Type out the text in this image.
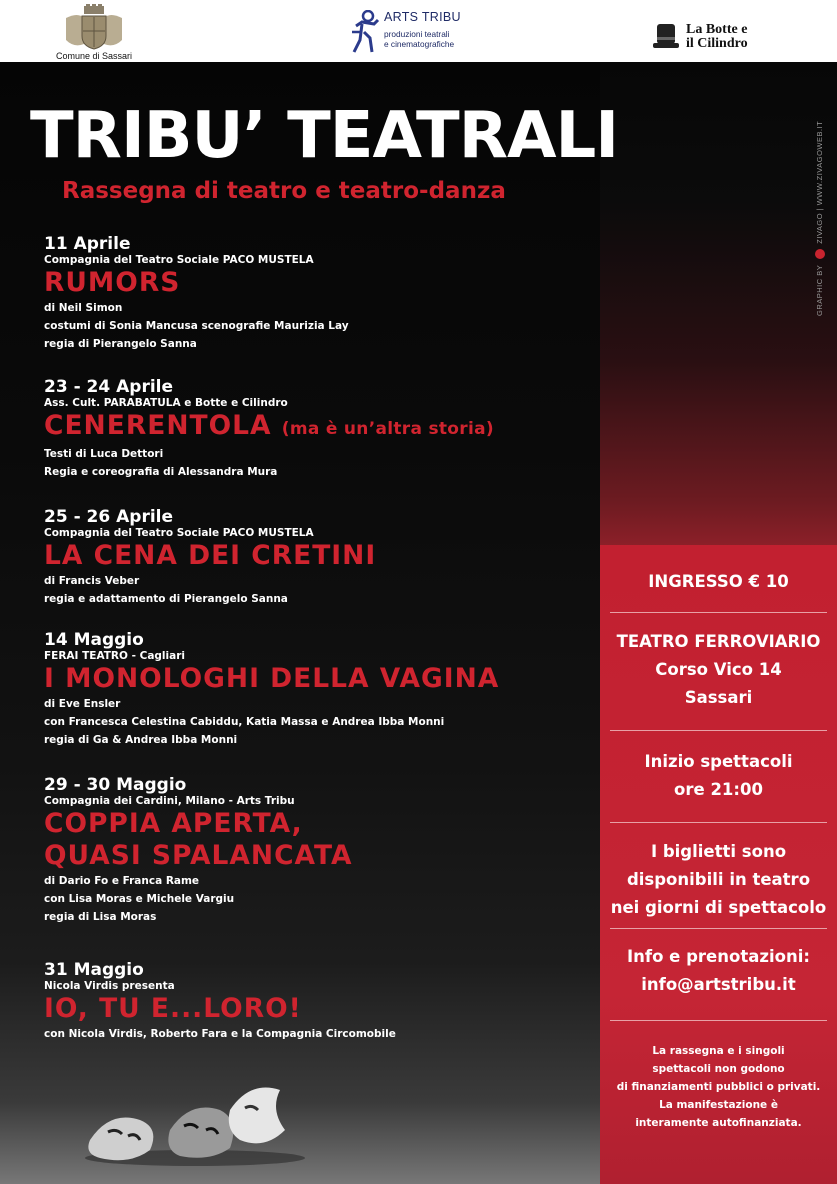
Comune di Sassari
ARTS TRIBU
produzioni teatrali
e cinematografiche
La Botte e
il Cilindro
TRIBU’ TEATRALI
Rassegna di teatro e teatro-danza
GRAPHIC BY  ZIVAGO | WWW.ZIVAGOWEB.IT
11 Aprile
Compagnia del Teatro Sociale PACO MUSTELA
RUMORS
di Neil Simon
costumi di Sonia Mancusa scenografie Maurizia Lay
regia di Pierangelo Sanna
23 - 24 Aprile
Ass. Cult. PARABATULA e Botte e Cilindro
CENERENTOLA (ma è un’altra storia)
Testi di Luca Dettori
Regia e coreografia di Alessandra Mura
25 - 26 Aprile
Compagnia del Teatro Sociale PACO MUSTELA
LA CENA DEI CRETINI
di Francis Veber
regia e adattamento di Pierangelo Sanna
14 Maggio
FERAI TEATRO - Cagliari
I MONOLOGHI DELLA VAGINA
di Eve Ensler
con Francesca Celestina Cabiddu, Katia Massa e Andrea Ibba Monni
regia di Ga & Andrea Ibba Monni
29 - 30 Maggio
Compagnia dei Cardini, Milano - Arts Tribu
COPPIA APERTA,
QUASI SPALANCATA
di Dario Fo e Franca Rame
con Lisa Moras e Michele Vargiu
regia di Lisa Moras
31 Maggio
Nicola Virdis presenta
IO, TU E...LORO!
con Nicola Virdis, Roberto Fara e la Compagnia Circomobile
INGRESSO € 10
TEATRO FERROVIARIO
Corso Vico 14
Sassari
Inizio spettacoli
ore 21:00
I biglietti sono
disponibili in teatro
nei giorni di spettacolo
Info e prenotazioni:
info@artstribu.it
La rassegna e i singoli
spettacoli non godono
di finanziamenti pubblici o privati.
La manifestazione è
interamente autofinanziata.
